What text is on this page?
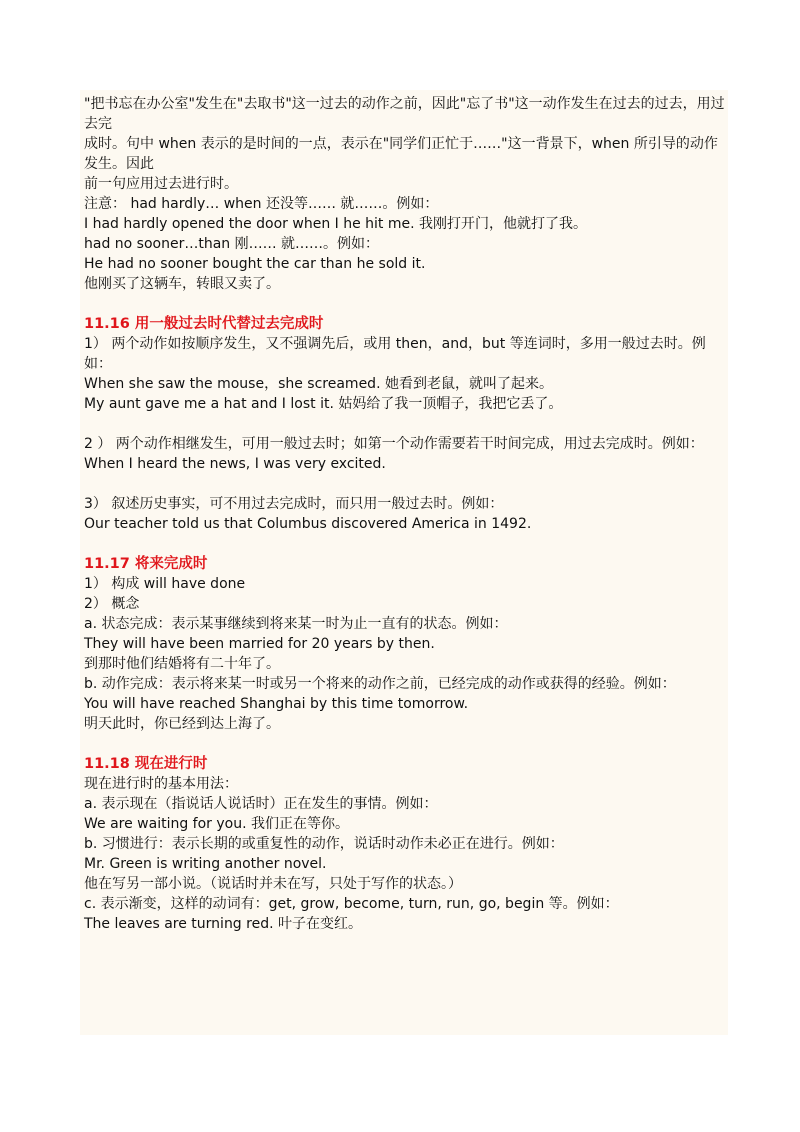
"把书忘在办公室"发生在"去取书"这一过去的动作之前，因此"忘了书"这一动作发生在过去的过去，用过去完

成时。句中 when 表示的是时间的一点，表示在"同学们正忙于……"这一背景下，when 所引导的动作发生。因此

前一句应用过去进行时。

注意： had hardly… when 还没等…… 就……。例如：

I had hardly opened the door when I he hit me. 我刚打开门，他就打了我。

had no sooner…than 刚…… 就……。例如：

He had no sooner bought the car than he sold it.

他刚买了这辆车，转眼又卖了。

11.16 用一般过去时代替过去完成时

1） 两个动作如按顺序发生，又不强调先后，或用 then，and，but 等连词时，多用一般过去时。例如：

When she saw the mouse，she screamed. 她看到老鼠，就叫了起来。

My aunt gave me a hat and I lost it. 姑妈给了我一顶帽子，我把它丢了。

2 ） 两个动作相继发生，可用一般过去时；如第一个动作需要若干时间完成，用过去完成时。例如：

When I heard the news, I was very excited.

3） 叙述历史事实，可不用过去完成时，而只用一般过去时。例如：

Our teacher told us that Columbus discovered America in 1492.

11.17 将来完成时

1） 构成 will have done

2） 概念

a. 状态完成：表示某事继续到将来某一时为止一直有的状态。例如：

They will have been married for 20 years by then.

到那时他们结婚将有二十年了。

b. 动作完成：表示将来某一时或另一个将来的动作之前，已经完成的动作或获得的经验。例如：

You will have reached Shanghai by this time tomorrow.

明天此时，你已经到达上海了。

11.18 现在进行时

现在进行时的基本用法：

a. 表示现在（指说话人说话时）正在发生的事情。例如：

We are waiting for you. 我们正在等你。

b. 习惯进行：表示长期的或重复性的动作，说话时动作未必正在进行。例如：

Mr. Green is writing another novel.

他在写另一部小说。（说话时并未在写，只处于写作的状态。）

c. 表示渐变，这样的动词有：get, grow, become, turn, run, go, begin 等。例如：

The leaves are turning red. 叶子在变红。
